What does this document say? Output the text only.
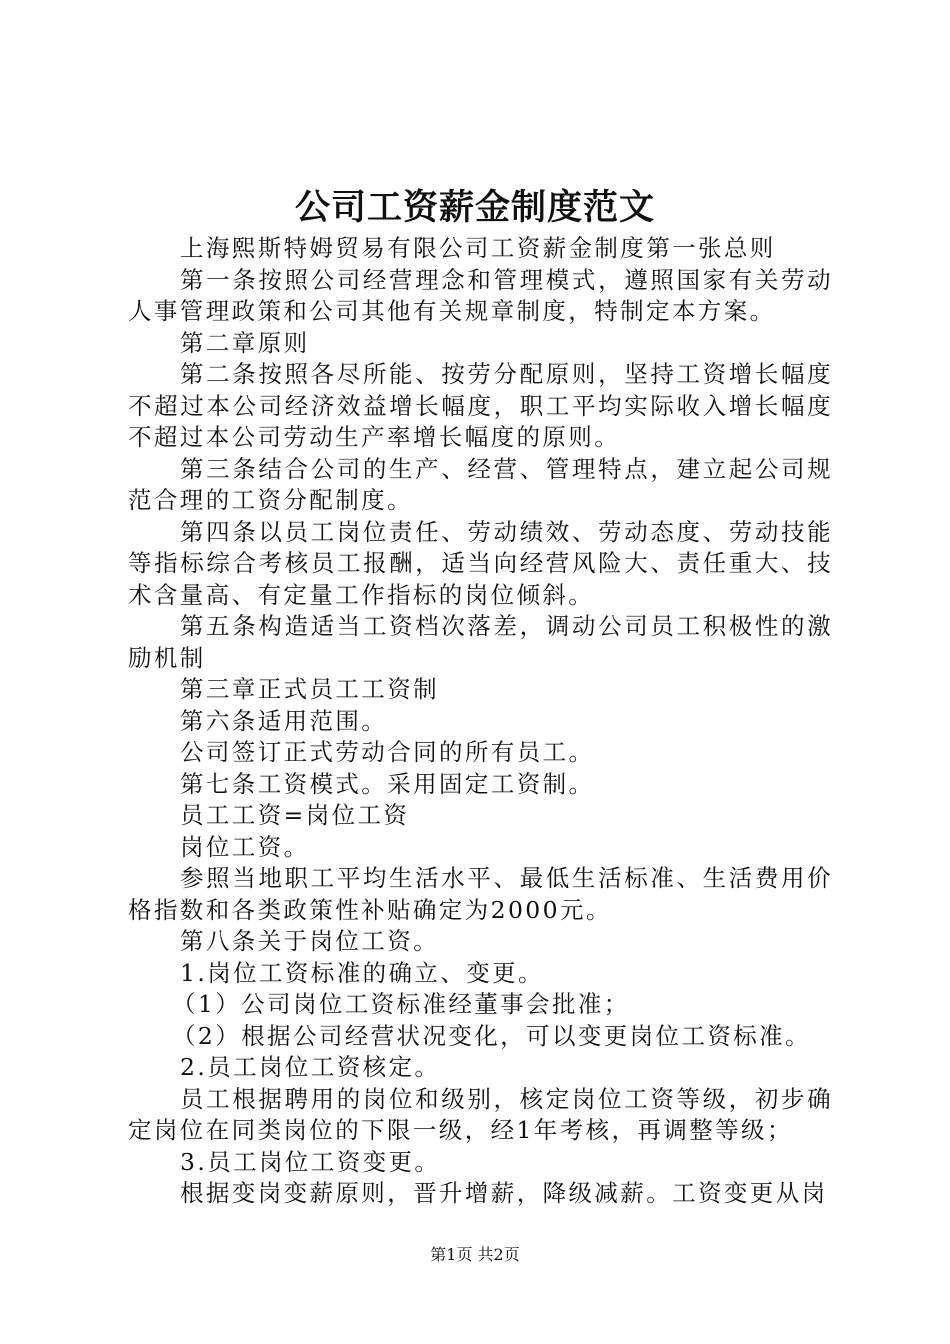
公司工资薪金制度范文

上海熙斯特姆贸易有限公司工资薪金制度第一张总则

第一条按照公司经营理念和管理模式，遵照国家有关劳动人事管理政策和公司其他有关规章制度，特制定本方案。

第二章原则

第二条按照各尽所能、按劳分配原则，坚持工资增长幅度不超过本公司经济效益增长幅度，职工平均实际收入增长幅度不超过本公司劳动生产率增长幅度的原则。

第三条结合公司的生产、经营、管理特点，建立起公司规范合理的工资分配制度。

第四条以员工岗位责任、劳动绩效、劳动态度、劳动技能等指标综合考核员工报酬，适当向经营风险大、责任重大、技术含量高、有定量工作指标的岗位倾斜。

第五条构造适当工资档次落差，调动公司员工积极性的激励机制

第三章正式员工工资制

第六条适用范围。

公司签订正式劳动合同的所有员工。

第七条工资模式。采用固定工资制。

员工工资=岗位工资

岗位工资。

参照当地职工平均生活水平、最低生活标准、生活费用价格指数和各类政策性补贴确定为2000元。

第八条关于岗位工资。

1.岗位工资标准的确立、变更。

（1）公司岗位工资标准经董事会批准；

（2）根据公司经营状况变化，可以变更岗位工资标准。

2.员工岗位工资核定。

员工根据聘用的岗位和级别，核定岗位工资等级，初步确定岗位在同类岗位的下限一级，经1年考核，再调整等级；

3.员工岗位工资变更。

根据变岗变薪原则，晋升增薪，降级减薪。工资变更从岗

第1页 共2页
